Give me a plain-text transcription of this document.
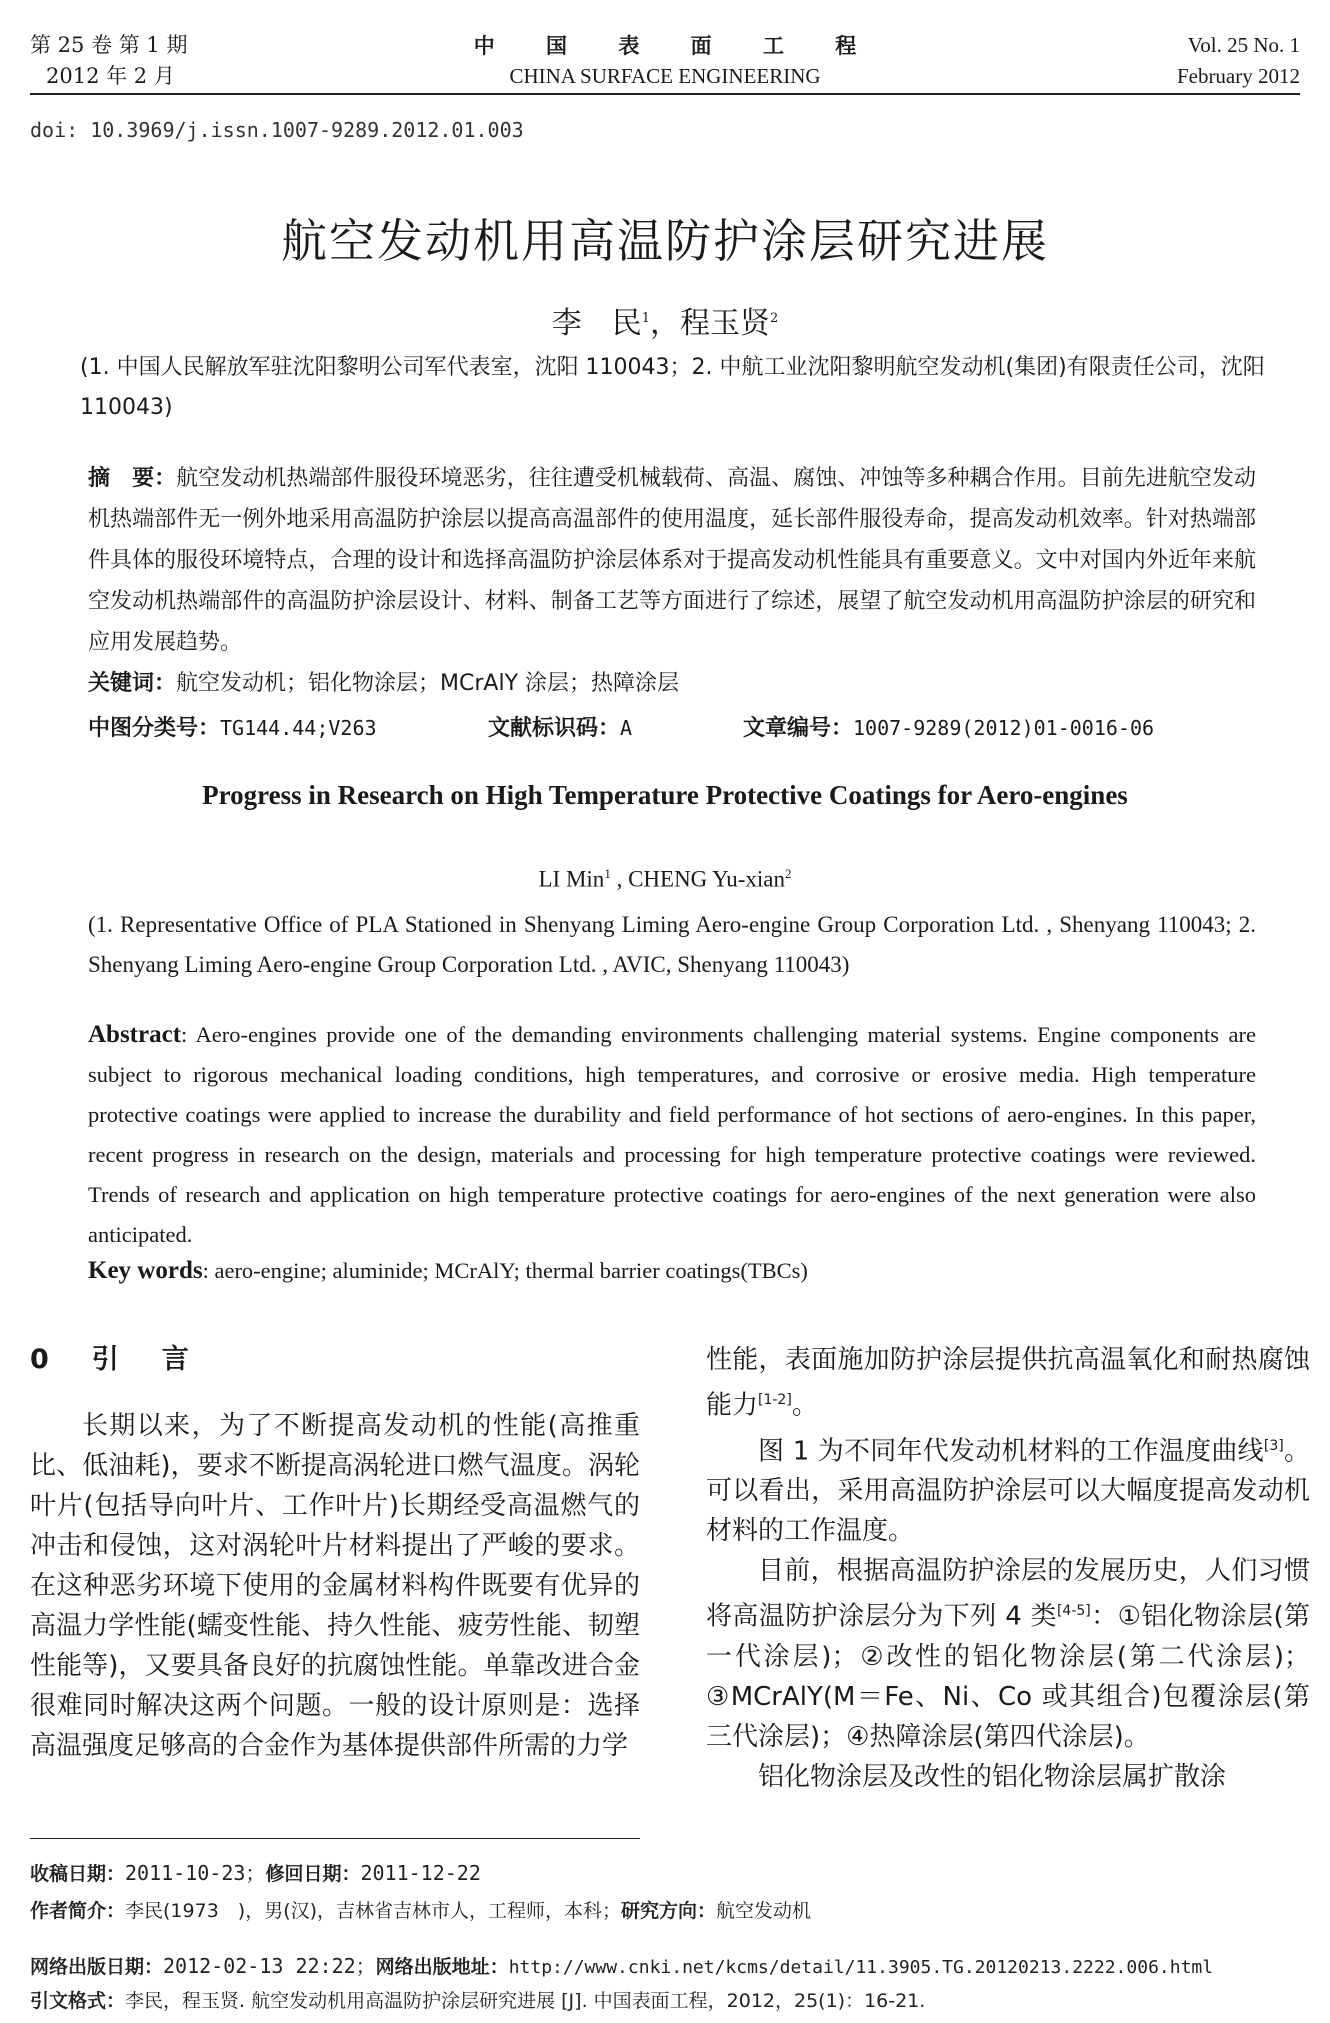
第 25 卷 第 1 期
2012 年 2 月
中 国 表 面 工 程
CHINA SURFACE ENGINEERING
Vol. 25 No. 1
February 2012
doi: 10.3969/j.issn.1007-9289.2012.01.003
航空发动机用高温防护涂层研究进展
李　民$^1$，程玉贤$^2$
(1. 中国人民解放军驻沈阳黎明公司军代表室，沈阳 110043；2. 中航工业沈阳黎明航空发动机(集团)有限责任公司，沈阳 110043)
摘　要：航空发动机热端部件服役环境恶劣，往往遭受机械载荷、高温、腐蚀、冲蚀等多种耦合作用。目前先进航空发动机热端部件无一例外地采用高温防护涂层以提高高温部件的使用温度，延长部件服役寿命，提高发动机效率。针对热端部件具体的服役环境特点，合理的设计和选择高温防护涂层体系对于提高发动机性能具有重要意义。文中对国内外近年来航空发动机热端部件的高温防护涂层设计、材料、制备工艺等方面进行了综述，展望了航空发动机用高温防护涂层的研究和应用发展趋势。
关键词：航空发动机；铝化物涂层；MCrAlY 涂层；热障涂层
中图分类号：TG144.44;V263	文献标识码：A	文章编号：1007-9289(2012)01-0016-06
Progress in Research on High Temperature Protective Coatings for Aero-engines
LI Min$^1$ , CHENG Yu-xian$^2$
(1. Representative Office of PLA Stationed in Shenyang Liming Aero-engine Group Corporation Ltd. , Shenyang 110043; 2. Shenyang Liming Aero-engine Group Corporation Ltd. , AVIC, Shenyang 110043)
Abstract: Aero-engines provide one of the demanding environments challenging material systems. Engine components are subject to rigorous mechanical loading conditions, high temperatures, and corrosive or erosive media. High temperature protective coatings were applied to increase the durability and field performance of hot sections of aero-engines. In this paper, recent progress in research on the design, materials and processing for high temperature protective coatings were reviewed. Trends of research and application on high temperature protective coatings for aero-engines of the next generation were also anticipated.
Key words: aero-engine; aluminide; MCrAlY; thermal barrier coatings(TBCs)
0　引　言

长期以来，为了不断提高发动机的性能(高推重比、低油耗)，要求不断提高涡轮进口燃气温度。涡轮叶片(包括导向叶片、工作叶片)长期经受高温燃气的冲击和侵蚀，这对涡轮叶片材料提出了严峻的要求。在这种恶劣环境下使用的金属材料构件既要有优异的高温力学性能(蠕变性能、持久性能、疲劳性能、韧塑性能等)，又要具备良好的抗腐蚀性能。单靠改进合金很难同时解决这两个问题。一般的设计原则是：选择高温强度足够高的合金作为基体提供部件所需的力学

性能，表面施加防护涂层提供抗高温氧化和耐热腐蚀能力[1-2]。

图 1 为不同年代发动机材料的工作温度曲线[3]。可以看出，采用高温防护涂层可以大幅度提高发动机材料的工作温度。

目前，根据高温防护涂层的发展历史，人们习惯将高温防护涂层分为下列 4 类[4-5]：①铝化物涂层(第一代涂层)；②改性的铝化物涂层(第二代涂层)；③MCrAlY(M＝Fe、Ni、Co 或其组合)包覆涂层(第三代涂层)；④热障涂层(第四代涂层)。

铝化物涂层及改性的铝化物涂层属扩散涂

收稿日期：2011-10-23；修回日期：2011-12-22
作者简介：李民(1973　)，男(汉)，吉林省吉林市人，工程师，本科；研究方向：航空发动机
网络出版日期：2012-02-13 22:22；网络出版地址：http://www.cnki.net/kcms/detail/11.3905.TG.20120213.2222.006.html
引文格式：李民，程玉贤. 航空发动机用高温防护涂层研究进展 [J]. 中国表面工程，2012，25(1)：16-21.
